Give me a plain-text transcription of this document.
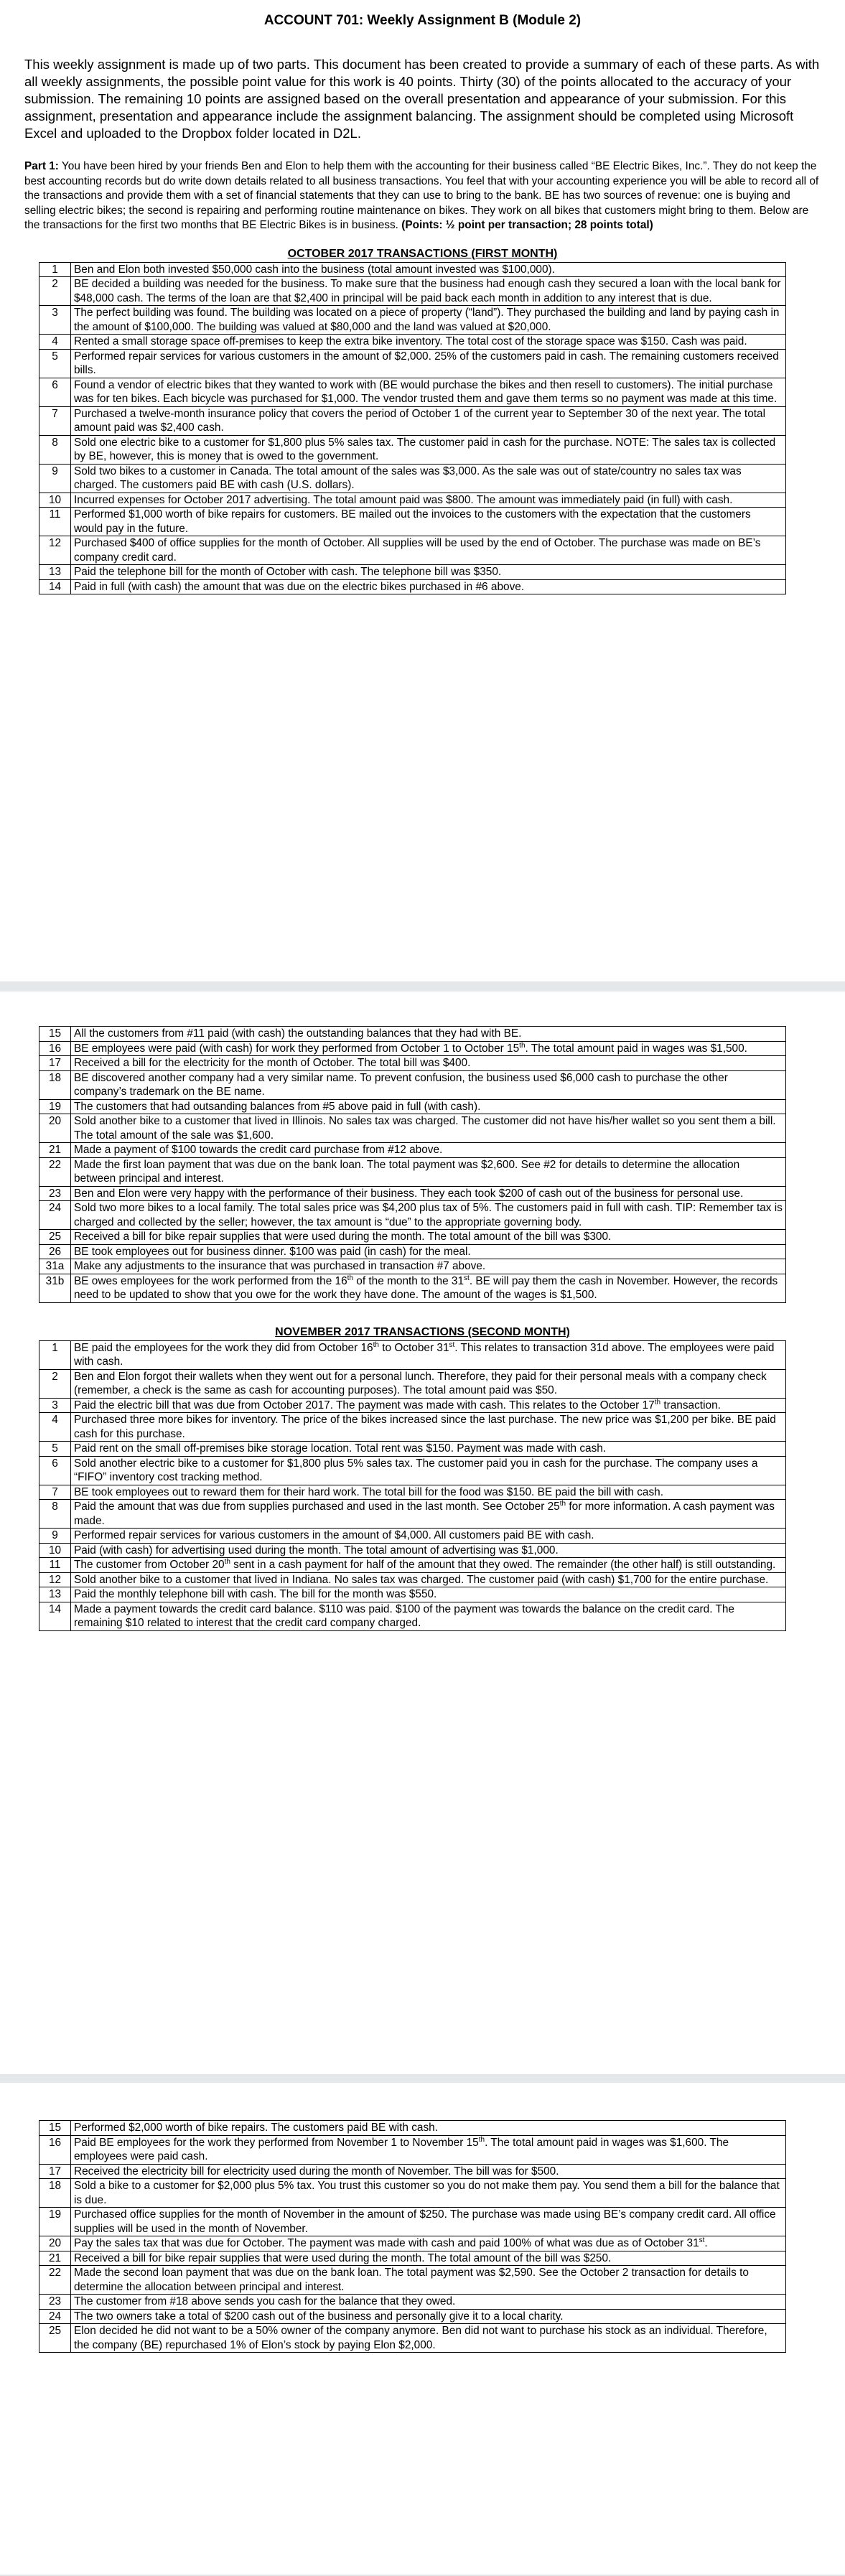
ACCOUNT 701: Weekly Assignment B (Module 2)

This weekly assignment is made up of two parts. This document has been created to provide a summary of each of these parts. As with all weekly assignments, the possible point value for this work is 40 points. Thirty (30) of the points allocated to the accuracy of your submission. The remaining 10 points are assigned based on the overall presentation and appearance of your submission. For this assignment, presentation and appearance include the assignment balancing. The assignment should be completed using Microsoft Excel and uploaded to the Dropbox folder located in D2L.

Part 1: You have been hired by your friends Ben and Elon to help them with the accounting for their business called “BE Electric Bikes, Inc.”. They do not keep the best accounting records but do write down details related to all business transactions. You feel that with your accounting experience you will be able to record all of the transactions and provide them with a set of financial statements that they can use to bring to the bank. BE has two sources of revenue: one is buying and selling electric bikes; the second is repairing and performing routine maintenance on bikes. They work on all bikes that customers might bring to them. Below are the transactions for the first two months that BE Electric Bikes is in business. (Points: ½ point per transaction; 28 points total)

OCTOBER 2017 TRANSACTIONS (FIRST MONTH)
1	Ben and Elon both invested $50,000 cash into the business (total amount invested was $100,000).
2	BE decided a building was needed for the business. To make sure that the business had enough cash they secured a loan with the local bank for $48,000 cash. The terms of the loan are that $2,400 in principal will be paid back each month in addition to any interest that is due.
3	The perfect building was found. The building was located on a piece of property (“land”). They purchased the building and land by paying cash in the amount of $100,000. The building was valued at $80,000 and the land was valued at $20,000.
4	Rented a small storage space off-premises to keep the extra bike inventory. The total cost of the storage space was $150. Cash was paid.
5	Performed repair services for various customers in the amount of $2,000. 25% of the customers paid in cash. The remaining customers received bills.
6	Found a vendor of electric bikes that they wanted to work with (BE would purchase the bikes and then resell to customers). The initial purchase was for ten bikes. Each bicycle was purchased for $1,000. The vendor trusted them and gave them terms so no payment was made at this time.
7	Purchased a twelve-month insurance policy that covers the period of October 1 of the current year to September 30 of the next year. The total amount paid was $2,400 cash.
8	Sold one electric bike to a customer for $1,800 plus 5% sales tax. The customer paid in cash for the purchase. NOTE: The sales tax is collected by BE, however, this is money that is owed to the government.
9	Sold two bikes to a customer in Canada. The total amount of the sales was $3,000. As the sale was out of state/country no sales tax was charged. The customers paid BE with cash (U.S. dollars).
10	Incurred expenses for October 2017 advertising. The total amount paid was $800. The amount was immediately paid (in full) with cash.
11	Performed $1,000 worth of bike repairs for customers. BE mailed out the invoices to the customers with the expectation that the customers would pay in the future.
12	Purchased $400 of office supplies for the month of October. All supplies will be used by the end of October. The purchase was made on BE’s company credit card.
13	Paid the telephone bill for the month of October with cash. The telephone bill was $350.
14	Paid in full (with cash) the amount that was due on the electric bikes purchased in #6 above.
15	All the customers from #11 paid (with cash) the outstanding balances that they had with BE.
16	BE employees were paid (with cash) for work they performed from October 1 to October 15th. The total amount paid in wages was $1,500.
17	Received a bill for the electricity for the month of October. The total bill was $400.
18	BE discovered another company had a very similar name. To prevent confusion, the business used $6,000 cash to purchase the other company’s trademark on the BE name.
19	The customers that had outsanding balances from #5 above paid in full (with cash).
20	Sold another bike to a customer that lived in Illinois. No sales tax was charged. The customer did not have his/her wallet so you sent them a bill. The total amount of the sale was $1,600.
21	Made a payment of $100 towards the credit card purchase from #12 above.
22	Made the first loan payment that was due on the bank loan. The total payment was $2,600. See #2 for details to determine the allocation between principal and interest.
23	Ben and Elon were very happy with the performance of their business. They each took $200 of cash out of the business for personal use.
24	Sold two more bikes to a local family. The total sales price was $4,200 plus tax of 5%. The customers paid in full with cash. TIP: Remember tax is charged and collected by the seller; however, the tax amount is “due” to the appropriate governing body.
25	Received a bill for bike repair supplies that were used during the month. The total amount of the bill was $300.
26	BE took employees out for business dinner. $100 was paid (in cash) for the meal.
31a	Make any adjustments to the insurance that was purchased in transaction #7 above.
31b	BE owes employees for the work performed from the 16th of the month to the 31st. BE will pay them the cash in November. However, the records need to be updated to show that you owe for the work they have done. The amount of the wages is $1,500.
NOVEMBER 2017 TRANSACTIONS (SECOND MONTH)
1	BE paid the employees for the work they did from October 16th to October 31st. This relates to transaction 31d above. The employees were paid with cash.
2	Ben and Elon forgot their wallets when they went out for a personal lunch. Therefore, they paid for their personal meals with a company check (remember, a check is the same as cash for accounting purposes). The total amount paid was $50.
3	Paid the electric bill that was due from October 2017. The payment was made with cash. This relates to the October 17th transaction.
4	Purchased three more bikes for inventory. The price of the bikes increased since the last purchase. The new price was $1,200 per bike. BE paid cash for this purchase.
5	Paid rent on the small off-premises bike storage location. Total rent was $150. Payment was made with cash.
6	Sold another electric bike to a customer for $1,800 plus 5% sales tax. The customer paid you in cash for the purchase. The company uses a “FIFO” inventory cost tracking method.
7	BE took employees out to reward them for their hard work. The total bill for the food was $150. BE paid the bill with cash.
8	Paid the amount that was due from supplies purchased and used in the last month. See October 25th for more information. A cash payment was made.
9	Performed repair services for various customers in the amount of $4,000. All customers paid BE with cash.
10	Paid (with cash) for advertising used during the month. The total amount of advertising was $1,000.
11	The customer from October 20th sent in a cash payment for half of the amount that they owed. The remainder (the other half) is still outstanding.
12	Sold another bike to a customer that lived in Indiana. No sales tax was charged. The customer paid (with cash) $1,700 for the entire purchase.
13	Paid the monthly telephone bill with cash. The bill for the month was $550.
14	Made a payment towards the credit card balance. $110 was paid. $100 of the payment was towards the balance on the credit card. The remaining $10 related to interest that the credit card company charged.
15	Performed $2,000 worth of bike repairs. The customers paid BE with cash.
16	Paid BE employees for the work they performed from November 1 to November 15th. The total amount paid in wages was $1,600. The employees were paid cash.
17	Received the electricity bill for electricity used during the month of November. The bill was for $500.
18	Sold a bike to a customer for $2,000 plus 5% tax. You trust this customer so you do not make them pay. You send them a bill for the balance that is due.
19	Purchased office supplies for the month of November in the amount of $250. The purchase was made using BE’s company credit card. All office supplies will be used in the month of November.
20	Pay the sales tax that was due for October. The payment was made with cash and paid 100% of what was due as of October 31st.
21	Received a bill for bike repair supplies that were used during the month. The total amount of the bill was $250.
22	Made the second loan payment that was due on the bank loan. The total payment was $2,590. See the October 2 transaction for details to determine the allocation between principal and interest.
23	The customer from #18 above sends you cash for the balance that they owed.
24	The two owners take a total of $200 cash out of the business and personally give it to a local charity.
25	Elon decided he did not want to be a 50% owner of the company anymore. Ben did not want to purchase his stock as an individual. Therefore, the company (BE) repurchased 1% of Elon’s stock by paying Elon $2,000.
